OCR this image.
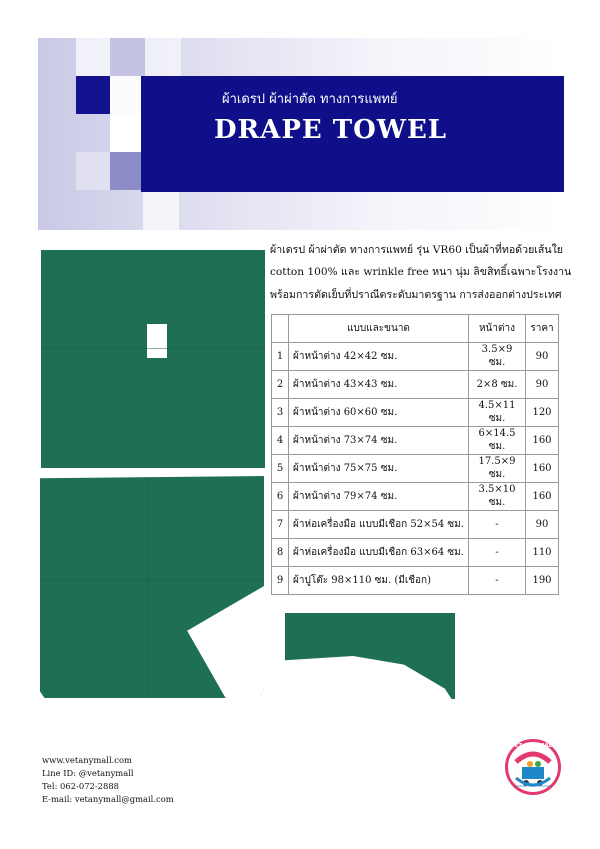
ผ้าเดรป ผ้าผ่าตัด ทางการแพทย์
DRAPE TOWEL
ผ้าเดรป ผ้าผ่าตัด ทางการแพทย์ รุ่น VR60 เป็นผ้าที่ทอด้วยเส้นใย
cotton 100% และ wrinkle free หนา นุ่ม ลิขสิทธิ์เฉพาะโรงงาน
พร้อมการตัดเย็บที่ปราณีตระดับมาตรฐาน การส่งออกต่างประเทศ
	แบบและขนาด	หน้าต่าง	ราคา
1	ผ้าหน้าต่าง 42×42 ซม.	3.5×9 ซม.	90
2	ผ้าหน้าต่าง 43×43 ซม.	2×8 ซม.	90
3	ผ้าหน้าต่าง 60×60 ซม.	4.5×11 ซม.	120
4	ผ้าหน้าต่าง 73×74 ซม.	6×14.5 ซม.	160
5	ผ้าหน้าต่าง 75×75 ซม.	17.5×9 ซม.	160
6	ผ้าหน้าต่าง 79×74 ซม.	3.5×10 ซม.	160
7	ผ้าห่อเครื่องมือ แบบมีเชือก 52×54 ซม.	-	90
8	ผ้าห่อเครื่องมือ แบบมีเชือก 63×64 ซม.	-	110
9	ผ้าปูโต๊ะ 98×110 ซม. (มีเชือก)	-	190
www.vetanymall.com
Line ID: @vetanymall
Tel: 062-072-2888
E-mail: vetanymall@gmail.com
VET ANY MALL
ONLINE SERVICE SHOP
